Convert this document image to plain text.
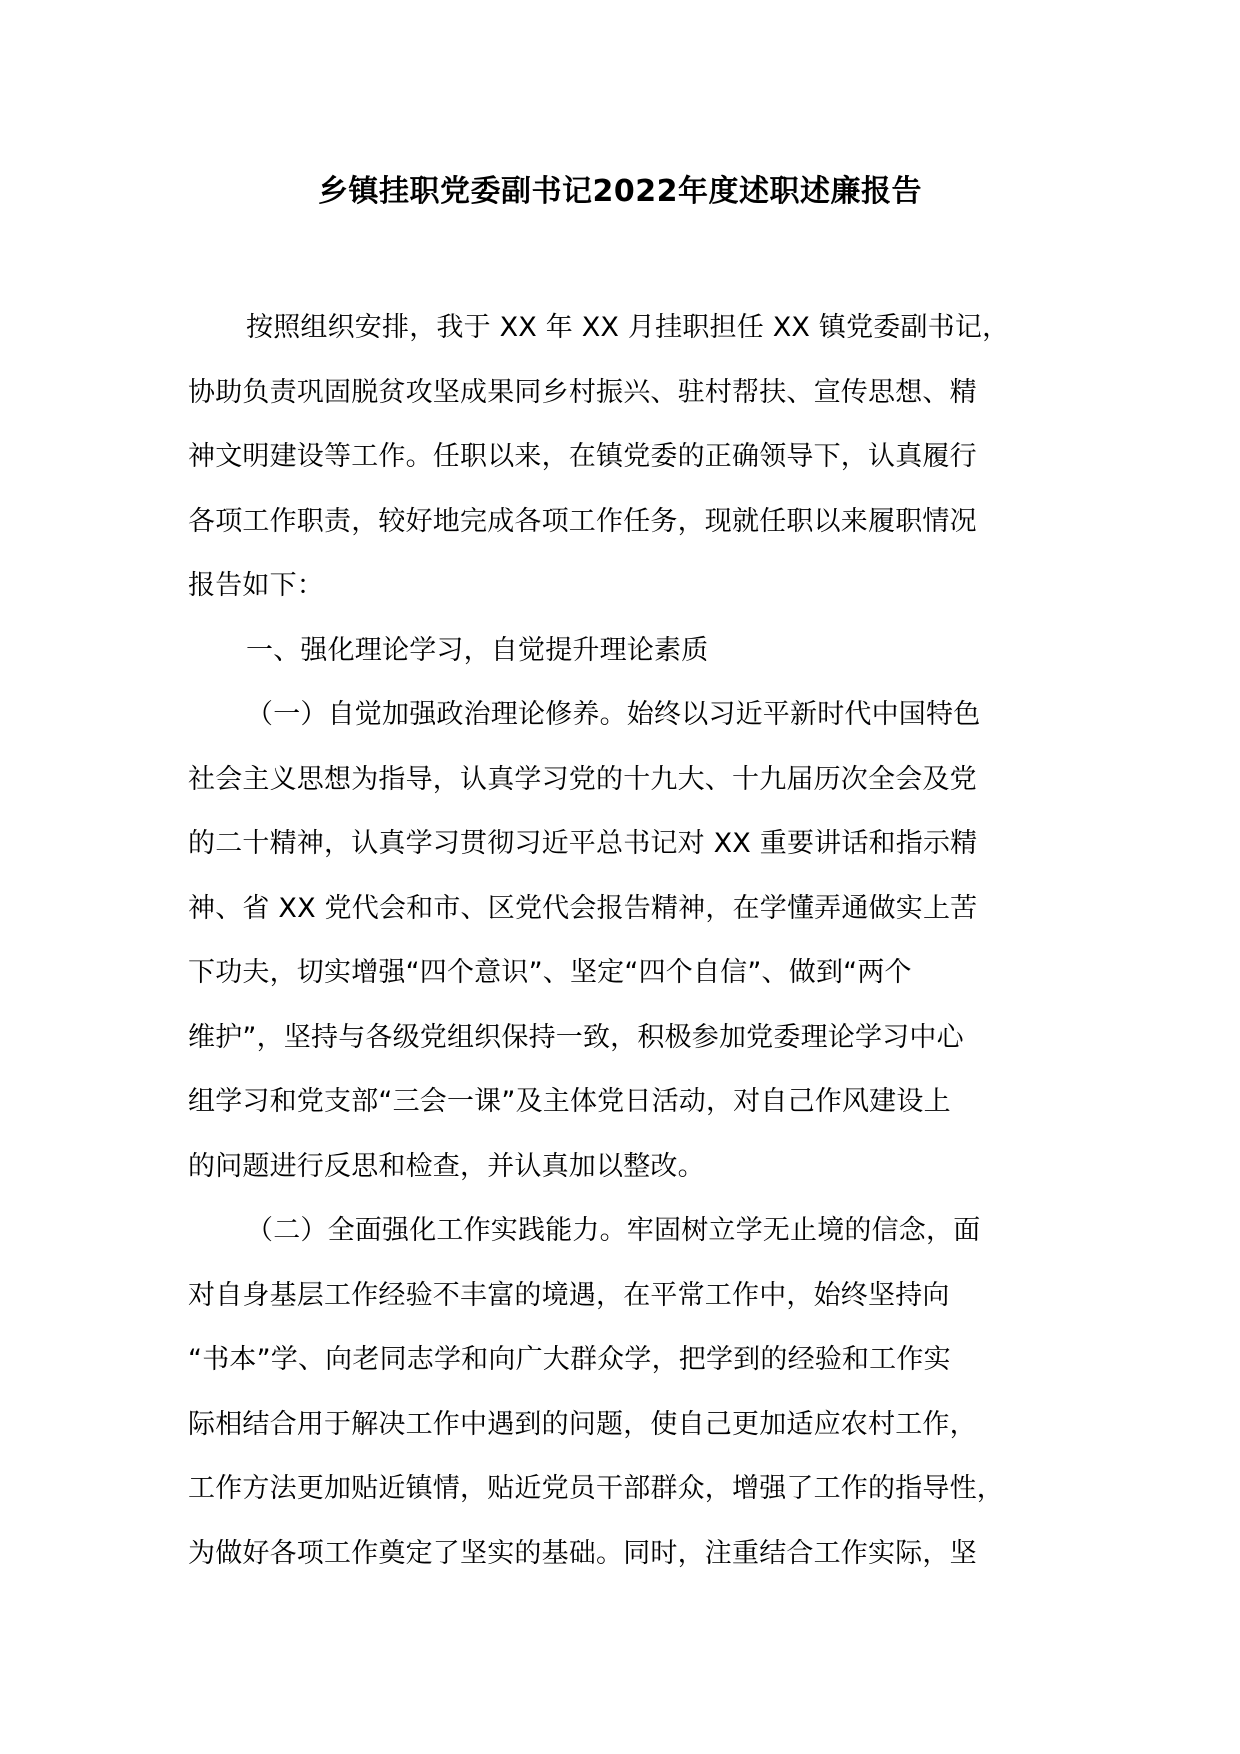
乡镇挂职党委副书记2022年度述职述廉报告
按照组织安排，我于 XX 年 XX 月挂职担任 XX 镇党委副书记，
协助负责巩固脱贫攻坚成果同乡村振兴、驻村帮扶、宣传思想、精
神文明建设等工作。任职以来，在镇党委的正确领导下，认真履行
各项工作职责，较好地完成各项工作任务，现就任职以来履职情况
报告如下：
一、强化理论学习，自觉提升理论素质
（一）自觉加强政治理论修养。始终以习近平新时代中国特色
社会主义思想为指导，认真学习党的十九大、十九届历次全会及党
的二十精神，认真学习贯彻习近平总书记对 XX 重要讲话和指示精
神、省 XX 党代会和市、区党代会报告精神，在学懂弄通做实上苦
下功夫，切实增强“四个意识”、坚定“四个自信”、做到“两个
维护”，坚持与各级党组织保持一致，积极参加党委理论学习中心
组学习和党支部“三会一课”及主体党日活动，对自己作风建设上
的问题进行反思和检查，并认真加以整改。
（二）全面强化工作实践能力。牢固树立学无止境的信念，面
对自身基层工作经验不丰富的境遇，在平常工作中，始终坚持向
“书本”学、向老同志学和向广大群众学，把学到的经验和工作实
际相结合用于解决工作中遇到的问题，使自己更加适应农村工作，
工作方法更加贴近镇情，贴近党员干部群众，增强了工作的指导性，
为做好各项工作奠定了坚实的基础。同时，注重结合工作实际，坚
